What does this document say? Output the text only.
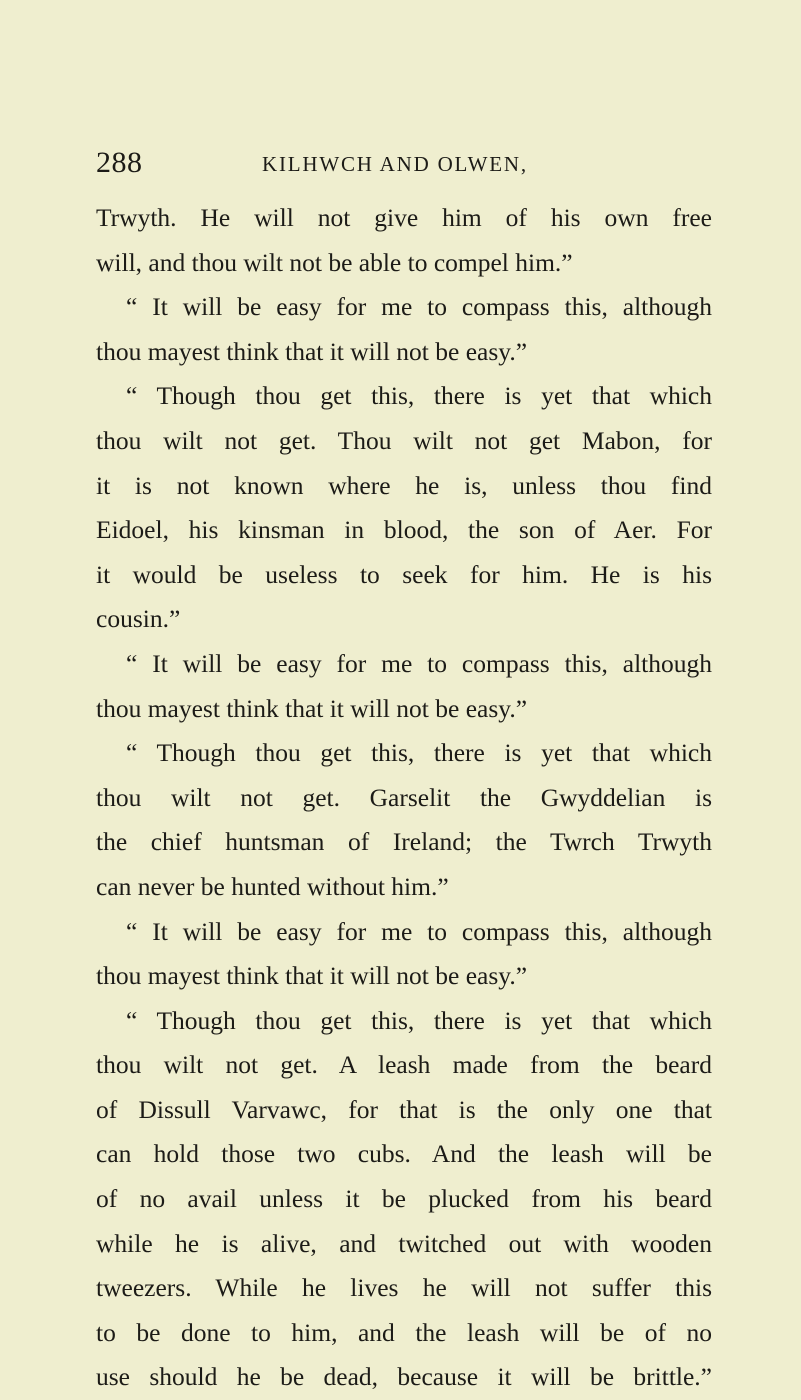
288	KILHWCH AND OLWEN,
Trwyth. He will not give him of his own free
will, and thou wilt not be able to compel him.”
“ It will be easy for me to compass this, although
thou mayest think that it will not be easy.”
“ Though thou get this, there is yet that which
thou wilt not get. Thou wilt not get Mabon, for
it is not known where he is, unless thou find
Eidoel, his kinsman in blood, the son of Aer. For
it would be useless to seek for him. He is his
cousin.”
“ It will be easy for me to compass this, although
thou mayest think that it will not be easy.”
“ Though thou get this, there is yet that which
thou wilt not get. Garselit the Gwyddelian is
the chief huntsman of Ireland; the Twrch Trwyth
can never be hunted without him.”
“ It will be easy for me to compass this, although
thou mayest think that it will not be easy.”
“ Though thou get this, there is yet that which
thou wilt not get. A leash made from the beard
of Dissull Varvawc, for that is the only one that
can hold those two cubs. And the leash will be
of no avail unless it be plucked from his beard
while he is alive, and twitched out with wooden
tweezers. While he lives he will not suffer this
to be done to him, and the leash will be of no
use should he be dead, because it will be brittle.”
